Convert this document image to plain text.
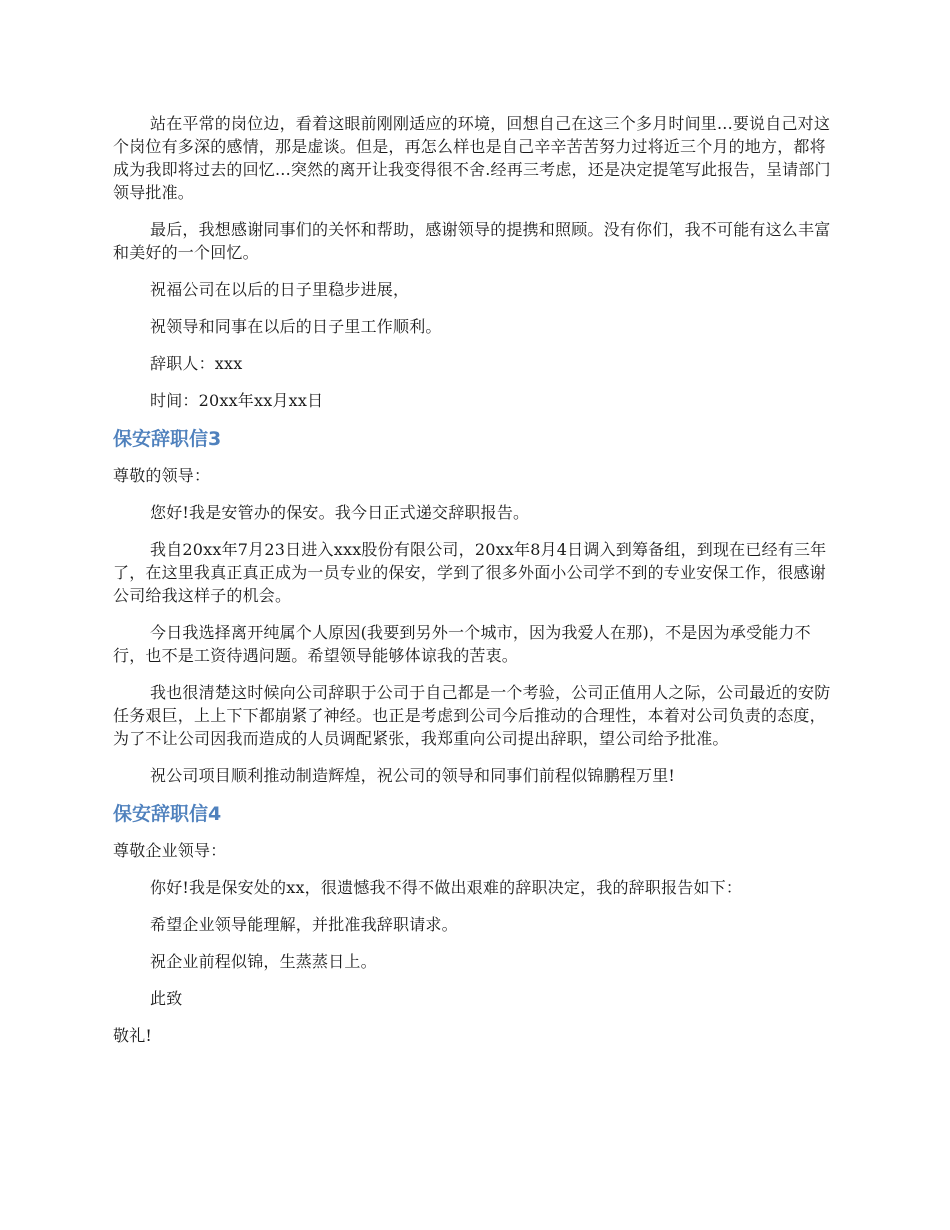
站在平常的岗位边，看着这眼前刚刚适应的环境，回想自己在这三个多月时间里...要说自己对这个岗位有多深的感情，那是虚谈。但是，再怎么样也是自己辛辛苦苦努力过将近三个月的地方，都将成为我即将过去的回忆...突然的离开让我变得很不舍.经再三考虑，还是决定提笔写此报告，呈请部门领导批准。

最后，我想感谢同事们的关怀和帮助，感谢领导的提携和照顾。没有你们，我不可能有这么丰富和美好的一个回忆。

祝福公司在以后的日子里稳步进展，

祝领导和同事在以后的日子里工作顺利。

辞职人：xxx

时间：20xx年xx月xx日

保安辞职信3

尊敬的领导：

您好!我是安管办的保安。我今日正式递交辞职报告。

我自20xx年7月23日进入xxx股份有限公司，20xx年8月4日调入到筹备组，到现在已经有三年了，在这里我真正真正成为一员专业的保安，学到了很多外面小公司学不到的专业安保工作，很感谢公司给我这样子的机会。

今日我选择离开纯属个人原因(我要到另外一个城市，因为我爱人在那)，不是因为承受能力不行，也不是工资待遇问题。希望领导能够体谅我的苦衷。

我也很清楚这时候向公司辞职于公司于自己都是一个考验，公司正值用人之际，公司最近的安防任务艰巨，上上下下都崩紧了神经。也正是考虑到公司今后推动的合理性，本着对公司负责的态度，为了不让公司因我而造成的人员调配紧张，我郑重向公司提出辞职，望公司给予批准。

祝公司项目顺利推动制造辉煌，祝公司的领导和同事们前程似锦鹏程万里!

保安辞职信4

尊敬企业领导：

你好!我是保安处的xx，很遗憾我不得不做出艰难的辞职决定，我的辞职报告如下：

希望企业领导能理解，并批准我辞职请求。

祝企业前程似锦，生蒸蒸日上。

此致

敬礼!
